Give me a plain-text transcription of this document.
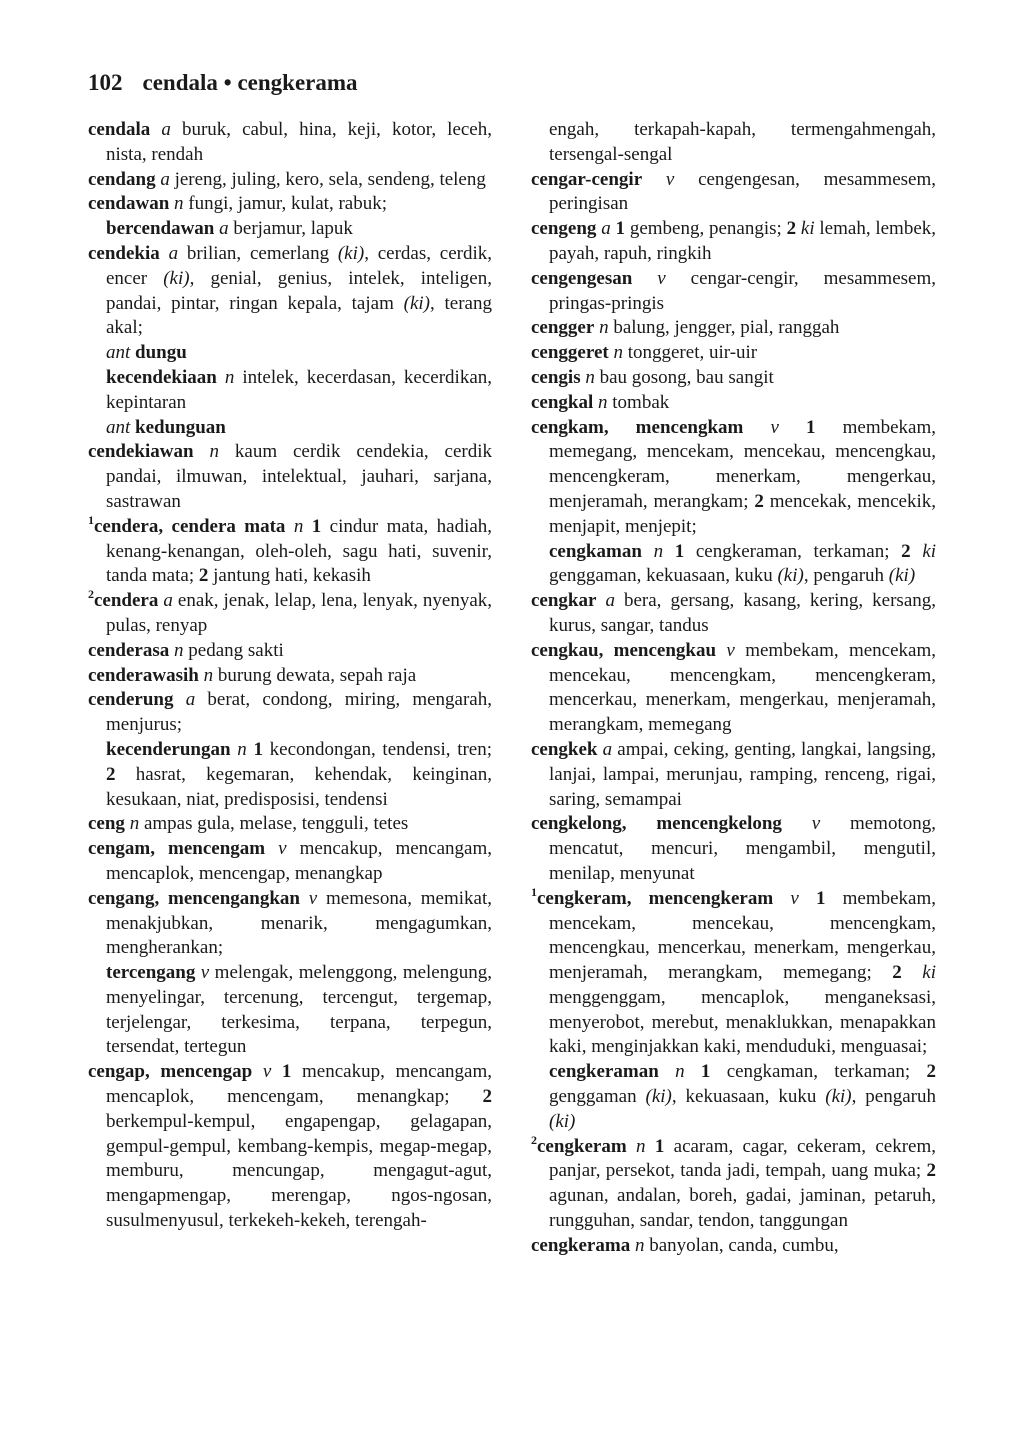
102 cendala • cengkerama
cendala a buruk, cabul, hina, keji, kotor, leceh, nista, rendah
cendang a jereng, juling, kero, sela, sendeng, teleng
cendawan n fungi, jamur, kulat, rabuk;
bercendawan a berjamur, lapuk
cendekia a brilian, cemerlang (ki), cerdas, cerdik, encer (ki), genial, genius, intelek, inteligen, pandai, pintar, ringan kepala, tajam (ki), terang akal;
ant dungu
kecendekiaan n intelek, kecerdasan, kecerdikan, kepintaran
ant kedunguan
cendekiawan n kaum cerdik cendekia, cerdik pandai, ilmuwan, intelektual, jauhari, sarjana, sastrawan
$^1$cendera, cendera mata n 1 cindur mata, hadiah, kenang-kenangan, oleh-oleh, sagu hati, suvenir, tanda mata; 2 jantung hati, kekasih
$^2$cendera a enak, jenak, lelap, lena, lenyak, nyenyak, pulas, renyap
cenderasa n pedang sakti
cenderawasih n burung dewata, sepah raja
cenderung a berat, condong, miring, mengarah, menjurus;
kecenderungan n 1 kecondongan, tendensi, tren; 2 hasrat, kegemaran, kehendak, keinginan, kesukaan, niat, predisposisi, tendensi
ceng n ampas gula, melase, tengguli, tetes
cengam, mencengam v mencakup, mencangam, mencaplok, mencengap, menangkap
cengang, mencengangkan v memesona, memikat, menakjubkan, menarik, mengagumkan, mengherankan;
tercengang v melengak, melenggong, melengung, menyelingar, tercenung, tercengut, tergemap, terjelengar, terkesima, terpana, terpegun, tersendat, tertegun
cengap, mencengap v 1 mencakup, mencangam, mencaplok, mencengam, menangkap; 2 berkempul-kempul, engapengap, gelagapan, gempul-gempul, kembang-kempis, megap-megap, memburu, mencungap, mengagut-agut, mengapmengap, merengap, ngos-ngosan, susulmenyusul, terkekeh-kekeh, terengah-
engah, terkapah-kapah, termengahmengah, tersengal-sengal
cengar-cengir v cengengesan, mesammesem, peringisan
cengeng a 1 gembeng, penangis; 2 ki lemah, lembek, payah, rapuh, ringkih
cengengesan v cengar-cengir, mesammesem, pringas-pringis
cengger n balung, jengger, pial, ranggah
cenggeret n tonggeret, uir-uir
cengis n bau gosong, bau sangit
cengkal n tombak
cengkam, mencengkam v 1 membekam, memegang, mencekam, mencekau, mencengkau, mencengkeram, menerkam, mengerkau, menjeramah, merangkam; 2 mencekak, mencekik, menjapit, menjepit;
cengkaman n 1 cengkeraman, terkaman; 2 ki genggaman, kekuasaan, kuku (ki), pengaruh (ki)
cengkar a bera, gersang, kasang, kering, kersang, kurus, sangar, tandus
cengkau, mencengkau v membekam, mencekam, mencekau, mencengkam, mencengkeram, mencerkau, menerkam, mengerkau, menjeramah, merangkam, memegang
cengkek a ampai, ceking, genting, langkai, langsing, lanjai, lampai, merunjau, ramping, renceng, rigai, saring, semampai
cengkelong, mencengkelong v memotong, mencatut, mencuri, mengambil, mengutil, menilap, menyunat
$^1$cengkeram, mencengkeram v 1 membekam, mencekam, mencekau, mencengkam, mencengkau, mencerkau, menerkam, mengerkau, menjeramah, merangkam, memegang; 2 ki menggenggam, mencaplok, menganeksasi, menyerobot, merebut, menaklukkan, menapakkan kaki, menginjakkan kaki, menduduki, menguasai;
cengkeraman n 1 cengkaman, terkaman; 2 genggaman (ki), kekuasaan, kuku (ki), pengaruh (ki)
$^2$cengkeram n 1 acaram, cagar, cekeram, cekrem, panjar, persekot, tanda jadi, tempah, uang muka; 2 agunan, andalan, boreh, gadai, jaminan, petaruh, rungguhan, sandar, tendon, tanggungan
cengkerama n banyolan, canda, cumbu,
